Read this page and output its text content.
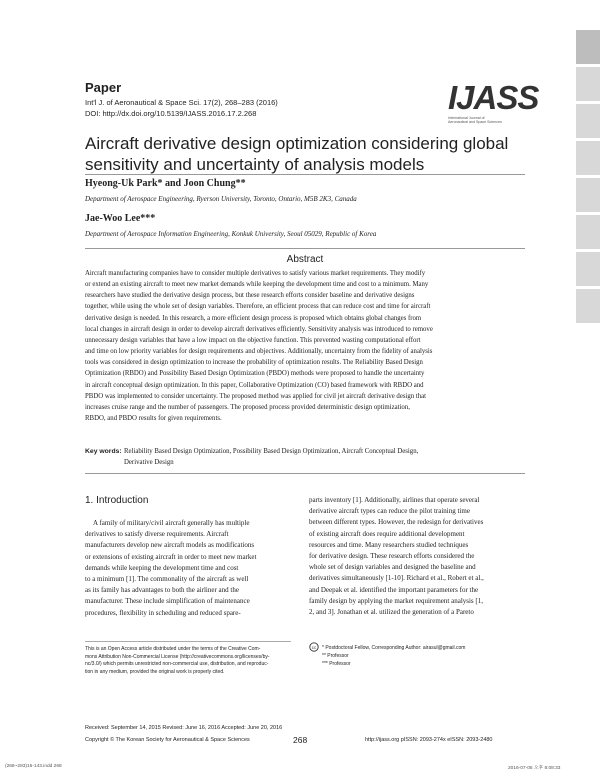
Paper
Int'l J. of Aeronautical & Space Sci. 17(2), 268–283 (2016)
DOI: http://dx.doi.org/10.5139/IJASS.2016.17.2.268	IJASS
International Journal of
Aeronautical and Space Sciences
Aircraft derivative design optimization considering global sensitivity and uncertainty of analysis models
Hyeong-Uk Park* and Joon Chung**
Department of Aerospace Engineering, Ryerson University, Toronto, Ontario, M5B 2K3, Canada
Jae-Woo Lee***
Department of Aerospace Information Engineering, Konkuk University, Seoul 05029, Republic of Korea
Abstract
Aircraft manufacturing companies have to consider multiple derivatives to satisfy various market requirements. They modify
or extend an existing aircraft to meet new market demands while keeping the development time and cost to a minimum. Many
researchers have studied the derivative design process, but these research efforts consider baseline and derivative designs
together, while using the whole set of design variables. Therefore, an efficient process that can reduce cost and time for aircraft
derivative design is needed. In this research, a more efficient design process is proposed which obtains global changes from
local changes in aircraft design in order to develop aircraft derivatives efficiently. Sensitivity analysis was introduced to remove
unnecessary design variables that have a low impact on the objective function. This prevented wasting computational effort
and time on low priority variables for design requirements and objectives. Additionally, uncertainty from the fidelity of analysis
tools was considered in design optimization to increase the probability of optimization results. The Reliability Based Design
Optimization (RBDO) and Possibility Based Design Optimization (PBDO) methods were proposed to handle the uncertainty
in aircraft conceptual design optimization. In this paper, Collaborative Optimization (CO) based framework with RBDO and
PBDO was implemented to consider uncertainty. The proposed method was applied for civil jet aircraft derivative design that
increases cruise range and the number of passengers. The proposed process provided deterministic design optimization,
RBDO, and PBDO results for given requirements.
Key words: Reliability Based Design Optimization, Possibility Based Design Optimization, Aircraft Conceptual Design,
Derivative Design
1. Introduction
A family of military/civil aircraft generally has multiple
derivatives to satisfy diverse requirements. Aircraft
manufacturers develop new aircraft models as modifications
or extensions of existing aircraft in order to meet new market
demands while keeping the development time and cost
to a minimum [1]. The commonality of the aircraft as well
as its family has advantages to both the airliner and the
manufacturer. These include simplification of maintenance
procedures, flexibility in scheduling and reduced spare-
parts inventory [1]. Additionally, airlines that operate several
derivative aircraft types can reduce the pilot training time
between different types. However, the redesign for derivatives
of existing aircraft does require additional development
resources and time. Many researchers studied techniques
for derivative design. These research efforts considered the
whole set of design variables and designed the baseline and
derivatives simultaneously [1-10]. Richard et al., Robert et al.,
and Deepak et al. identified the important parameters for the
family design by applying the market requirement analysis [1,
2, and 3]. Jonathan et al. utilized the generation of a Pareto
This is an Open Access article distributed under the terms of the Creative Com-
mons Attribution Non-Commercial License (http://creativecommons.org/licenses/by-
nc/3.0/) which permits unrestricted non-commercial use, distribution, and reproduc-
tion in any medium, provided the original work is properly cited.
cc * Postdoctoral Fellow, Corresponding Author: airasul@gmail.com
** Professor
*** Professor
Received: September 14, 2015 Revised: June 16, 2016 Accepted: June 20, 2016
Copyright © The Korean Society for Aeronautical & Space Sciences	268	http://ijass.org pISSN: 2093-274x eISSN: 2093-2480
(268~283)15-143.indd 268	2016-07-05 오후 8:08:33
